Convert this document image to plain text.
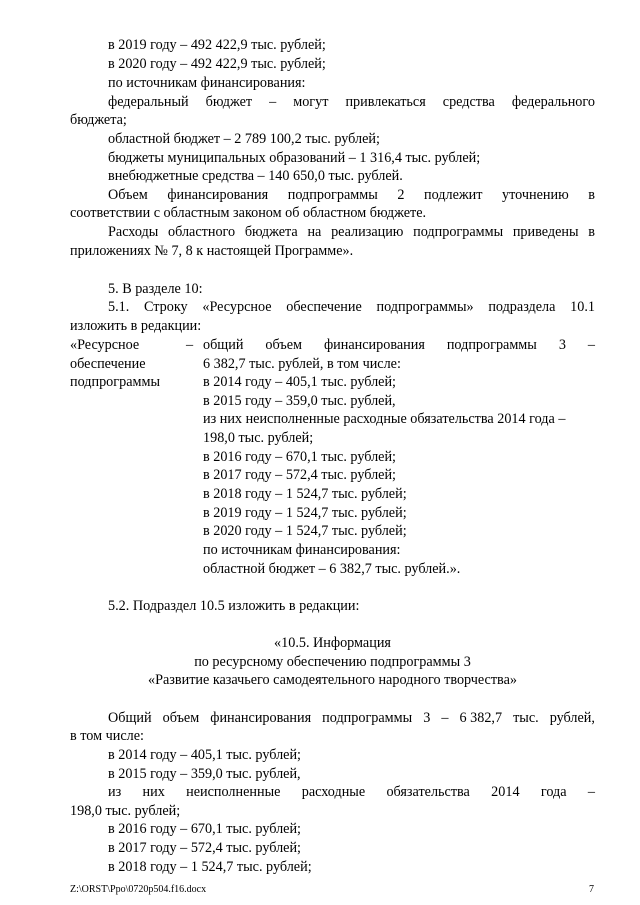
в 2019 году – 492 422,9 тыс. рублей;
в 2020 году – 492 422,9 тыс. рублей;
по источникам финансирования:
федеральный бюджет – могут привлекаться средства федерального
бюджета;
областной бюджет – 2 789 100,2 тыс. рублей;
бюджеты муниципальных образований – 1 316,4 тыс. рублей;
внебюджетные средства – 140 650,0 тыс. рублей.
Объем финансирования подпрограммы 2 подлежит уточнению в
соответствии с областным законом об областном бюджете.
Расходы областного бюджета на реализацию подпрограммы приведены в
приложениях № 7, 8 к настоящей Программе».
5. В разделе 10:
5.1. Строку «Ресурсное обеспечение подпрограммы» подраздела 10.1
изложить в редакции:
«Ресурсное
обеспечение
подпрограммы
– общий объем финансирования подпрограммы 3 –
6 382,7 тыс. рублей, в том числе:
в 2014 году – 405,1 тыс. рублей;
в 2015 году – 359,0 тыс. рублей,
из них неисполненные расходные обязательства 2014 года –
198,0 тыс. рублей;
в 2016 году – 670,1 тыс. рублей;
в 2017 году – 572,4 тыс. рублей;
в 2018 году – 1 524,7 тыс. рублей;
в 2019 году – 1 524,7 тыс. рублей;
в 2020 году – 1 524,7 тыс. рублей;
по источникам финансирования:
областной бюджет – 6 382,7 тыс. рублей.».
5.2. Подраздел 10.5 изложить в редакции:
«10.5. Информация
по ресурсному обеспечению подпрограммы 3
«Развитие казачьего самодеятельного народного творчества»
Общий объем финансирования подпрограммы 3 – 6 382,7 тыс. рублей,
в том числе:
в 2014 году – 405,1 тыс. рублей;
в 2015 году – 359,0 тыс. рублей,
из них неисполненные расходные обязательства 2014 года –
198,0 тыс. рублей;
в 2016 году – 670,1 тыс. рублей;
в 2017 году – 572,4 тыс. рублей;
в 2018 году – 1 524,7 тыс. рублей;
Z:\ORST\Ppo\0720p504.f16.docx	7
